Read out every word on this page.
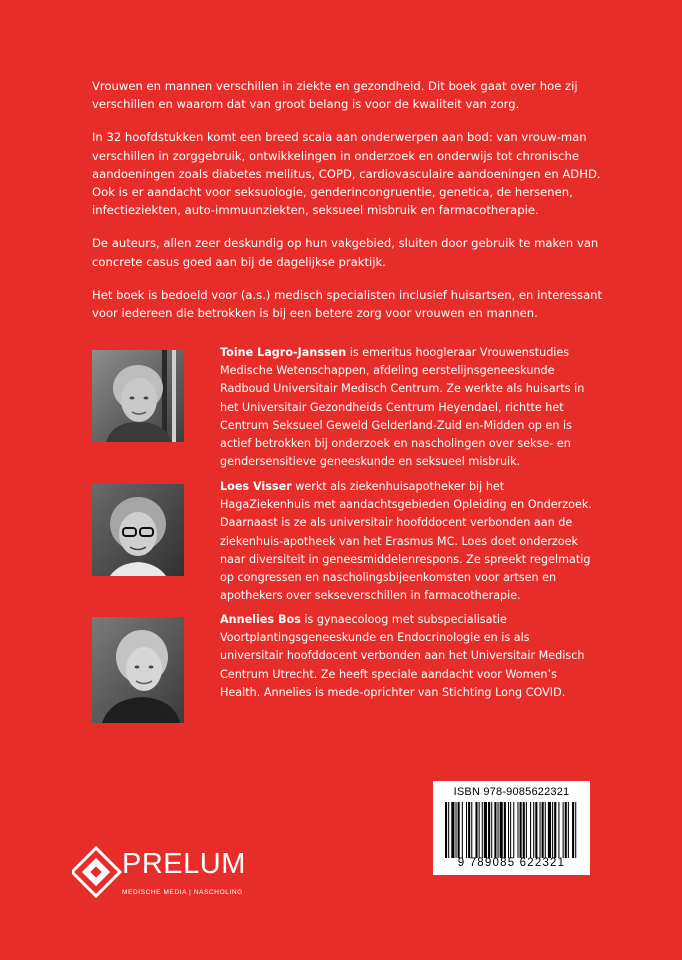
Vrouwen en mannen verschillen in ziekte en gezondheid. Dit boek gaat over hoe zij verschillen en waarom dat van groot belang is voor de kwaliteit van zorg.

In 32 hoofdstukken komt een breed scala aan onderwerpen aan bod: van vrouw-man verschillen in zorggebruik, ontwikkelingen in onderzoek en onderwijs tot chronische aandoeningen zoals diabetes mellitus, COPD, cardiovasculaire aandoeningen en ADHD. Ook is er aandacht voor seksuologie, genderincongruentie, genetica, de hersenen, infectieziekten, auto-immuunziekten, seksueel misbruik en farmacotherapie.

De auteurs, allen zeer deskundig op hun vakgebied, sluiten door gebruik te maken van concrete casus goed aan bij de dagelijkse praktijk.

Het boek is bedoeld voor (a.s.) medisch specialisten inclusief huisartsen, en interessant voor iedereen die betrokken is bij een betere zorg voor vrouwen en mannen.

Toine Lagro-Janssen is emeritus hoogleraar Vrouwenstudies Medische Wetenschappen, afdeling eerstelijnsgeneeskunde Radboud Universitair Medisch Centrum. Ze werkte als huisarts in het Universitair Gezondheids Centrum Heyendael, richtte het Centrum Seksueel Geweld Gelderland-Zuid en-Midden op en is actief betrokken bij onderzoek en nascholingen over sekse- en gendersensitieve geneeskunde en seksueel misbruik.
Loes Visser werkt als ziekenhuisapotheker bij het HagaZiekenhuis met aandachtsgebieden Opleiding en Onderzoek. Daarnaast is ze als universitair hoofddocent verbonden aan de ziekenhuis-apotheek van het Erasmus MC. Loes doet onderzoek naar diversiteit in geneesmiddelenrespons. Ze spreekt regelmatig op congressen en nascholingsbijeenkomsten voor artsen en apothekers over sekseverschillen in farmacotherapie.
Annelies Bos is gynaecoloog met subspecialisatie Voortplantingsgeneeskunde en Endocrinologie en is als universitair hoofddocent verbonden aan het Universitair Medisch Centrum Utrecht. Ze heeft speciale aandacht voor Women’s Health. Annelies is mede-oprichter van Stichting Long COVID.
ISBN 978-9085622321
9 789085 622321
PRELUM
MEDISCHE MEDIA | NASCHOLING
